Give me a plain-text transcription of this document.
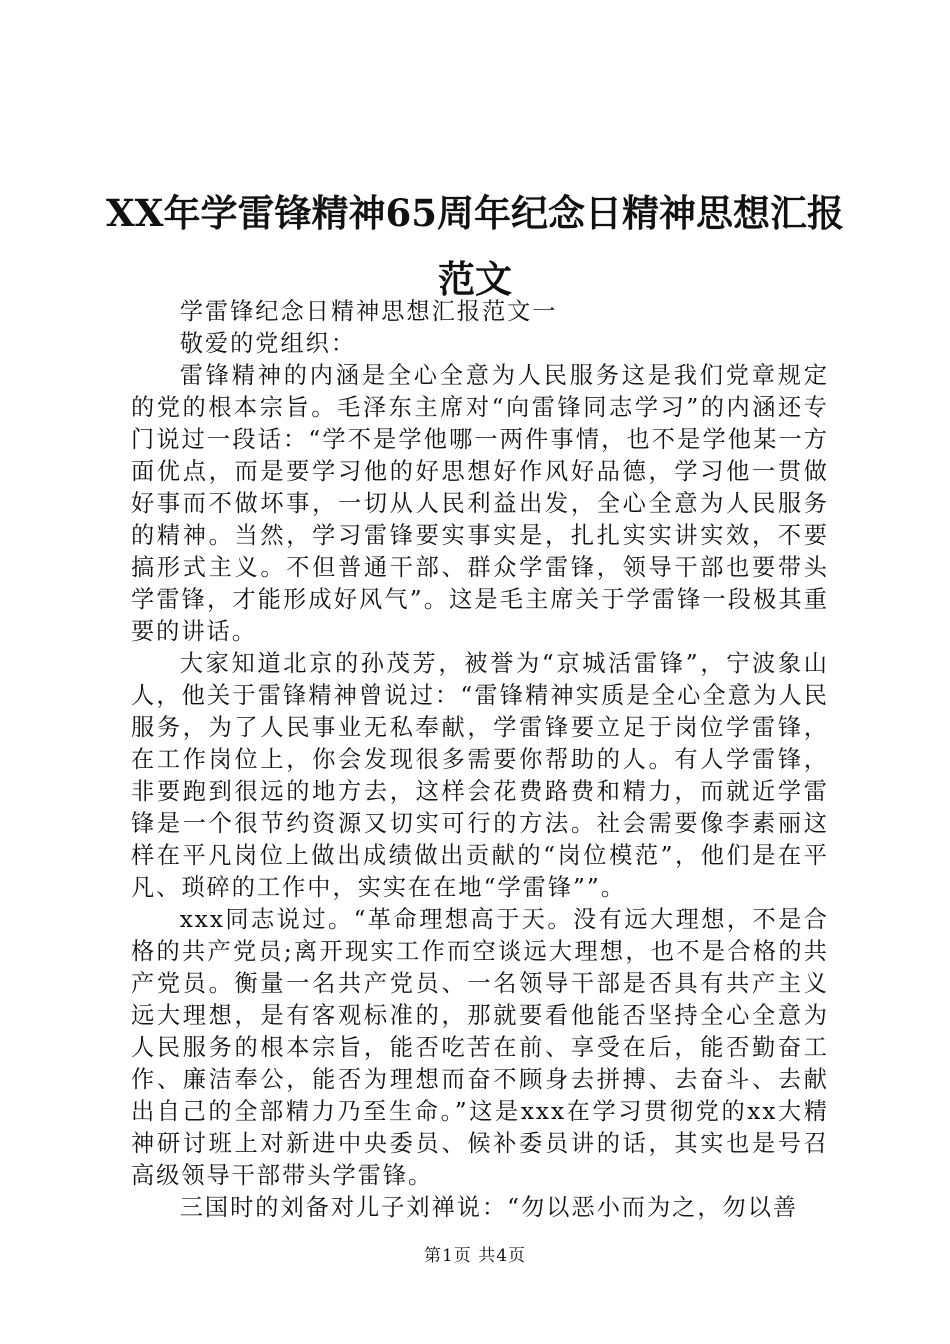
XX年学雷锋精神65周年纪念日精神思想汇报范文

学雷锋纪念日精神思想汇报范文一

敬爱的党组织：

雷锋精神的内涵是全心全意为人民服务这是我们党章规定的党的根本宗旨。毛泽东主席对“向雷锋同志学习”的内涵还专门说过一段话：“学不是学他哪一两件事情，也不是学他某一方面优点，而是要学习他的好思想好作风好品德，学习他一贯做好事而不做坏事，一切从人民利益出发，全心全意为人民服务的精神。当然，学习雷锋要实事实是，扎扎实实讲实效，不要搞形式主义。不但普通干部、群众学雷锋，领导干部也要带头学雷锋，才能形成好风气”。这是毛主席关于学雷锋一段极其重要的讲话。

大家知道北京的孙茂芳，被誉为“京城活雷锋”，宁波象山人，他关于雷锋精神曾说过：“雷锋精神实质是全心全意为人民服务，为了人民事业无私奉献，学雷锋要立足于岗位学雷锋，在工作岗位上，你会发现很多需要你帮助的人。有人学雷锋，非要跑到很远的地方去，这样会花费路费和精力，而就近学雷锋是一个很节约资源又切实可行的方法。社会需要像李素丽这样在平凡岗位上做出成绩做出贡献的“岗位模范”，他们是在平凡、琐碎的工作中，实实在在地“学雷锋””。

xxx同志说过。“革命理想高于天。没有远大理想，不是合格的共产党员;离开现实工作而空谈远大理想，也不是合格的共产党员。衡量一名共产党员、一名领导干部是否具有共产主义远大理想，是有客观标准的，那就要看他能否坚持全心全意为人民服务的根本宗旨，能否吃苦在前、享受在后，能否勤奋工作、廉洁奉公，能否为理想而奋不顾身去拼搏、去奋斗、去献出自己的全部精力乃至生命。”这是xxx在学习贯彻党的xx大精神研讨班上对新进中央委员、候补委员讲的话，其实也是号召高级领导干部带头学雷锋。

三国时的刘备对儿子刘禅说：“勿以恶小而为之，勿以善

第1页 共4页
